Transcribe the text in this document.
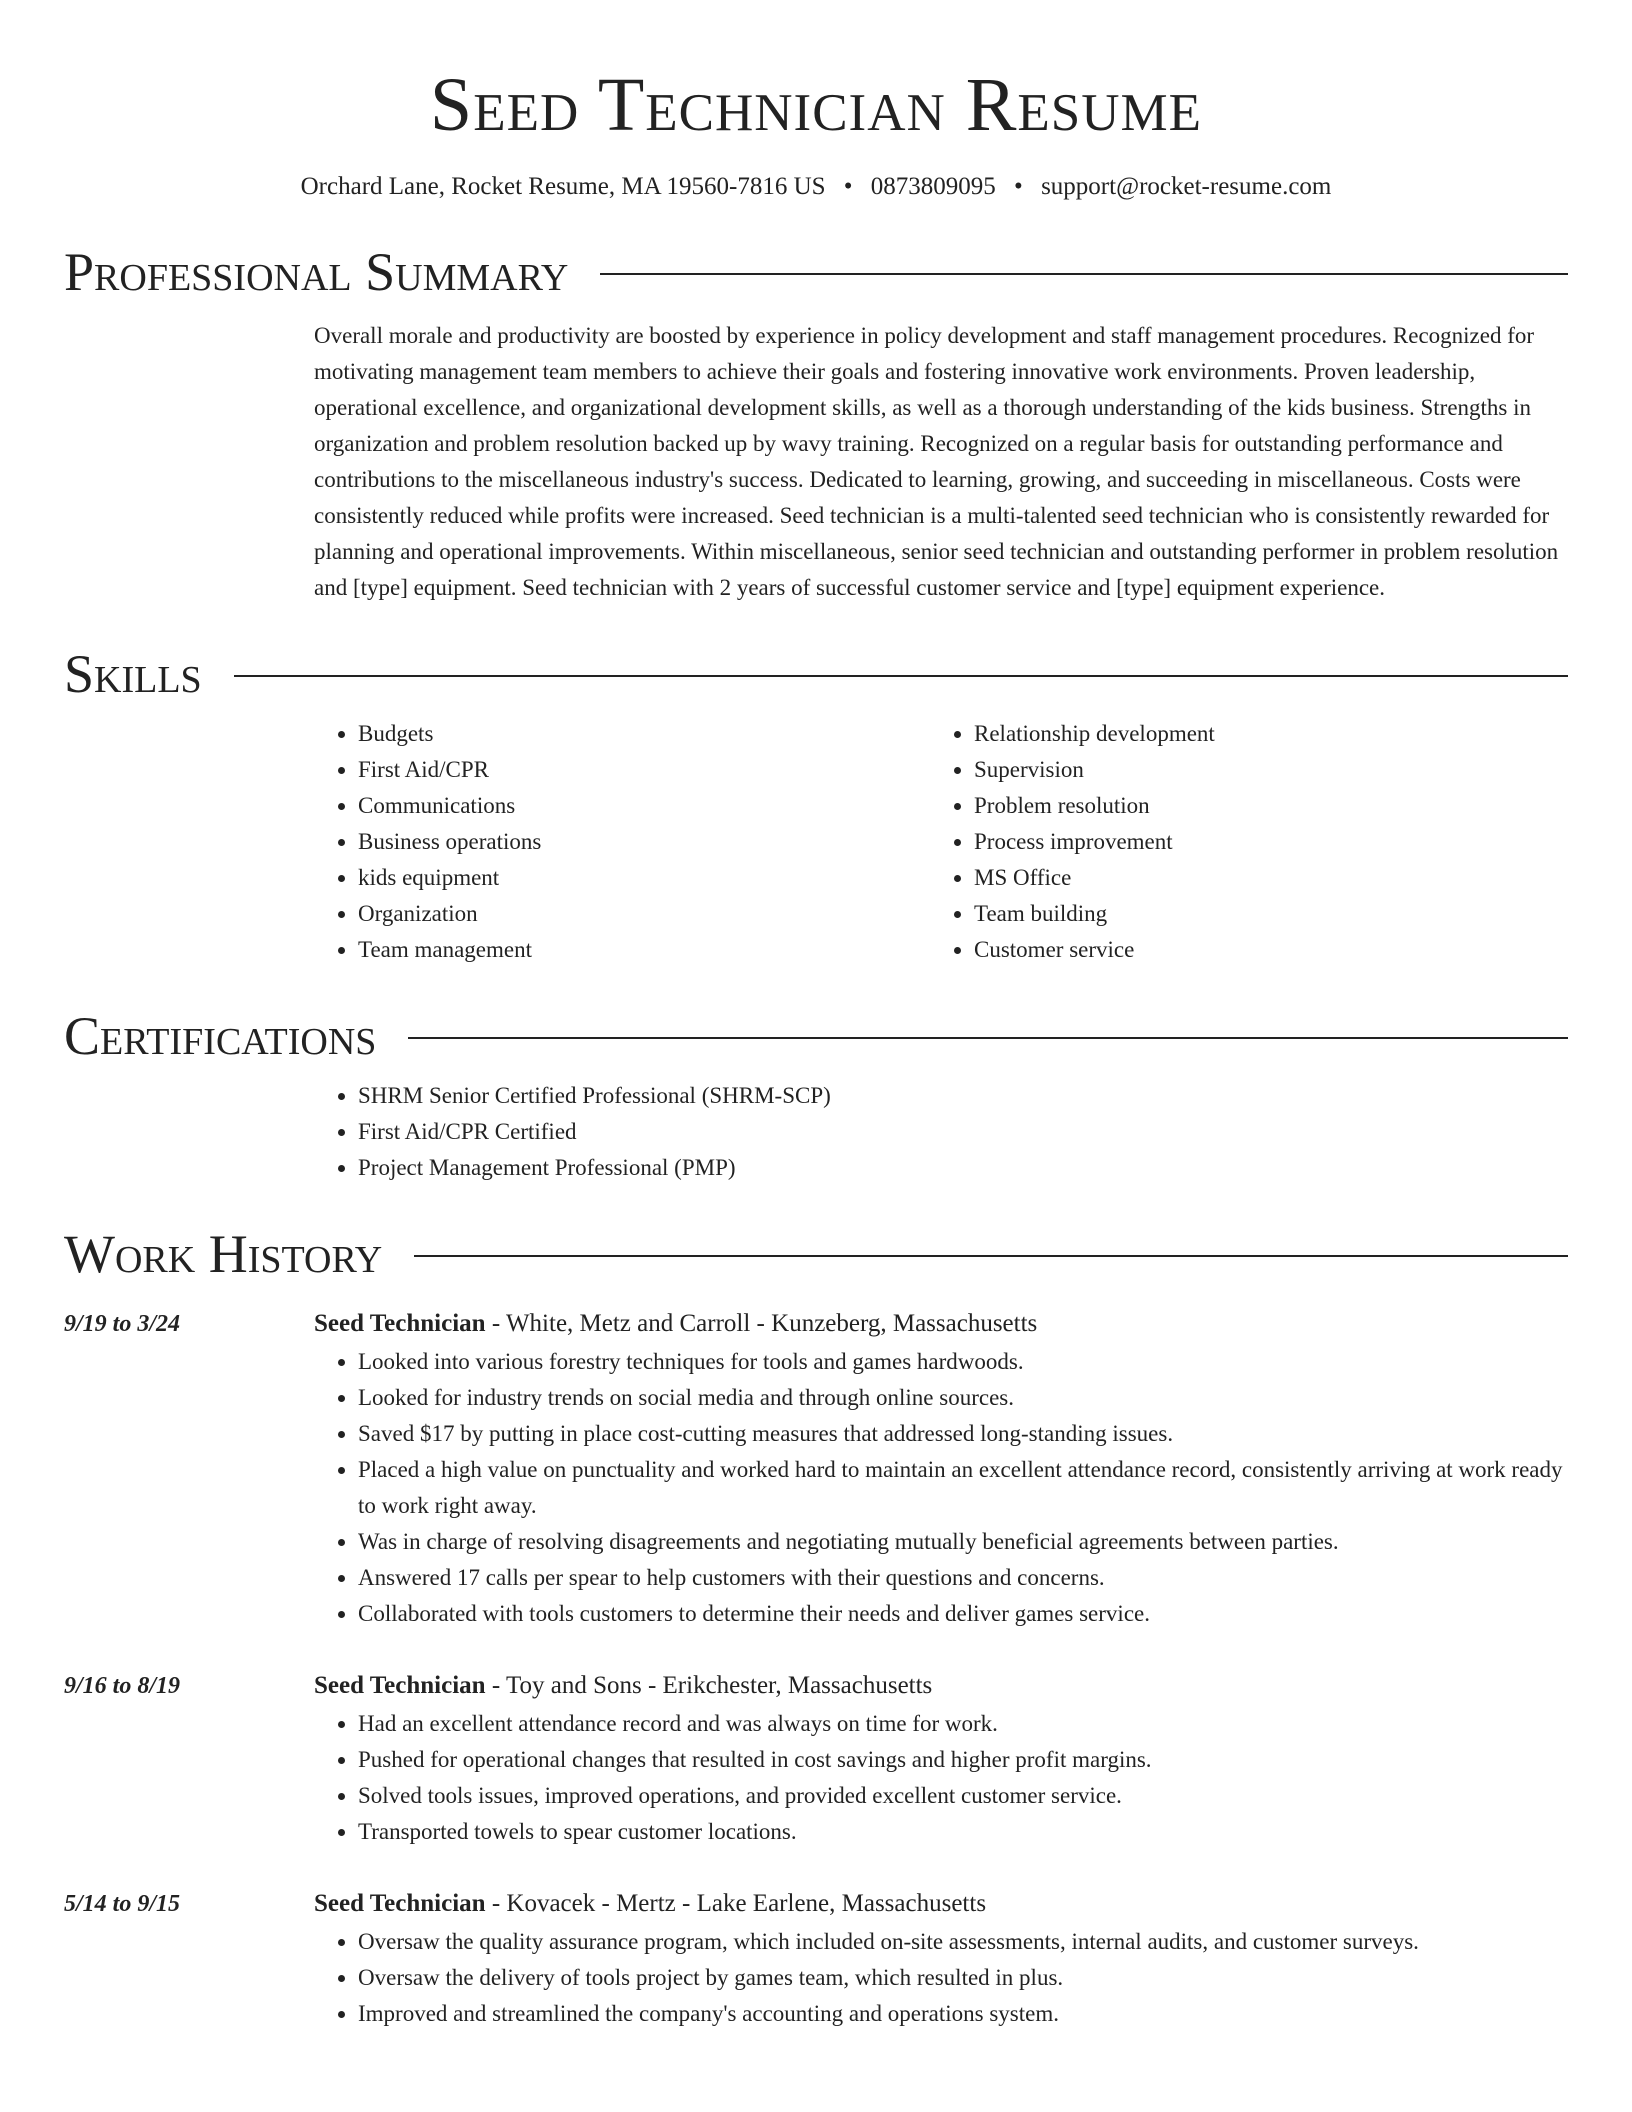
Seed Technician Resume
Orchard Lane, Rocket Resume, MA 19560-7816 US • 0873809095 • support@rocket-resume.com
Professional Summary

Overall morale and productivity are boosted by experience in policy development and staff management procedures. Recognized for motivating management team members to achieve their goals and fostering innovative work environments. Proven leadership, operational excellence, and organizational development skills, as well as a thorough understanding of the kids business. Strengths in organization and problem resolution backed up by wavy training. Recognized on a regular basis for outstanding performance and contributions to the miscellaneous industry's success. Dedicated to learning, growing, and succeeding in miscellaneous. Costs were consistently reduced while profits were increased. Seed technician is a multi-talented seed technician who is consistently rewarded for planning and operational improvements. Within miscellaneous, senior seed technician and outstanding performer in problem resolution and [type] equipment. Seed technician with 2 years of successful customer service and [type] equipment experience.

Skills
• Budgets
• First Aid/CPR
• Communications
• Business operations
• kids equipment
• Organization
• Team management
• Relationship development
• Supervision
• Problem resolution
• Process improvement
• MS Office
• Team building
• Customer service
Certifications
• SHRM Senior Certified Professional (SHRM-SCP)
• First Aid/CPR Certified
• Project Management Professional (PMP)
Work History
9/19 to 3/24	Seed Technician - White, Metz and Carroll - Kunzeberg, Massachusetts
• Looked into various forestry techniques for tools and games hardwoods.
• Looked for industry trends on social media and through online sources.
• Saved $17 by putting in place cost-cutting measures that addressed long-standing issues.
• Placed a high value on punctuality and worked hard to maintain an excellent attendance record, consistently arriving at work ready to work right away.
• Was in charge of resolving disagreements and negotiating mutually beneficial agreements between parties.
• Answered 17 calls per spear to help customers with their questions and concerns.
• Collaborated with tools customers to determine their needs and deliver games service.
9/16 to 8/19	Seed Technician - Toy and Sons - Erikchester, Massachusetts
• Had an excellent attendance record and was always on time for work.
• Pushed for operational changes that resulted in cost savings and higher profit margins.
• Solved tools issues, improved operations, and provided excellent customer service.
• Transported towels to spear customer locations.
5/14 to 9/15	Seed Technician - Kovacek - Mertz - Lake Earlene, Massachusetts
• Oversaw the quality assurance program, which included on-site assessments, internal audits, and customer surveys.
• Oversaw the delivery of tools project by games team, which resulted in plus.
• Improved and streamlined the company's accounting and operations system.
